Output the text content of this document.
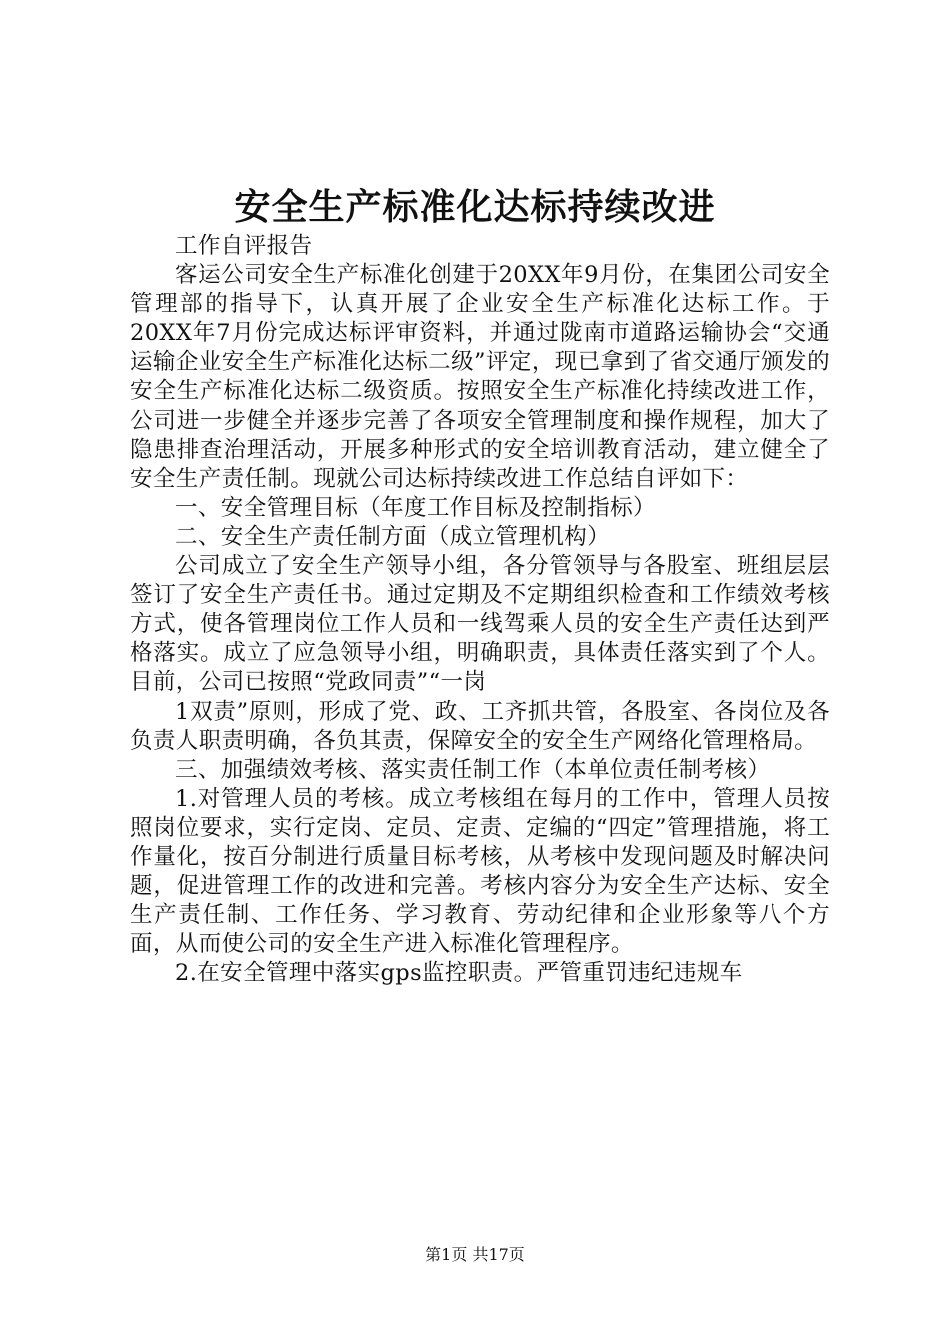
安全生产标准化达标持续改进

工作自评报告

客运公司安全生产标准化创建于20XX年9月份，在集团公司安全管理部的指导下，认真开展了企业安全生产标准化达标工作。于20XX年7月份完成达标评审资料，并通过陇南市道路运输协会“交通运输企业安全生产标准化达标二级”评定，现已拿到了省交通厅颁发的安全生产标准化达标二级资质。按照安全生产标准化持续改进工作，公司进一步健全并逐步完善了各项安全管理制度和操作规程，加大了隐患排查治理活动，开展多种形式的安全培训教育活动，建立健全了安全生产责任制。现就公司达标持续改进工作总结自评如下：

一、安全管理目标（年度工作目标及控制指标）

二、安全生产责任制方面（成立管理机构）

公司成立了安全生产领导小组，各分管领导与各股室、班组层层签订了安全生产责任书。通过定期及不定期组织检查和工作绩效考核方式，使各管理岗位工作人员和一线驾乘人员的安全生产责任达到严格落实。成立了应急领导小组，明确职责，具体责任落实到了个人。目前，公司已按照“党政同责”“一岗

1双责”原则，形成了党、政、工齐抓共管，各股室、各岗位及各负责人职责明确，各负其责，保障安全的安全生产网络化管理格局。

三、加强绩效考核、落实责任制工作（本单位责任制考核）

1.对管理人员的考核。成立考核组在每月的工作中，管理人员按照岗位要求，实行定岗、定员、定责、定编的“四定”管理措施，将工作量化，按百分制进行质量目标考核，从考核中发现问题及时解决问题，促进管理工作的改进和完善。考核内容分为安全生产达标、安全生产责任制、工作任务、学习教育、劳动纪律和企业形象等八个方面，从而使公司的安全生产进入标准化管理程序。

2.在安全管理中落实gps监控职责。严管重罚违纪违规车

第1页 共17页
